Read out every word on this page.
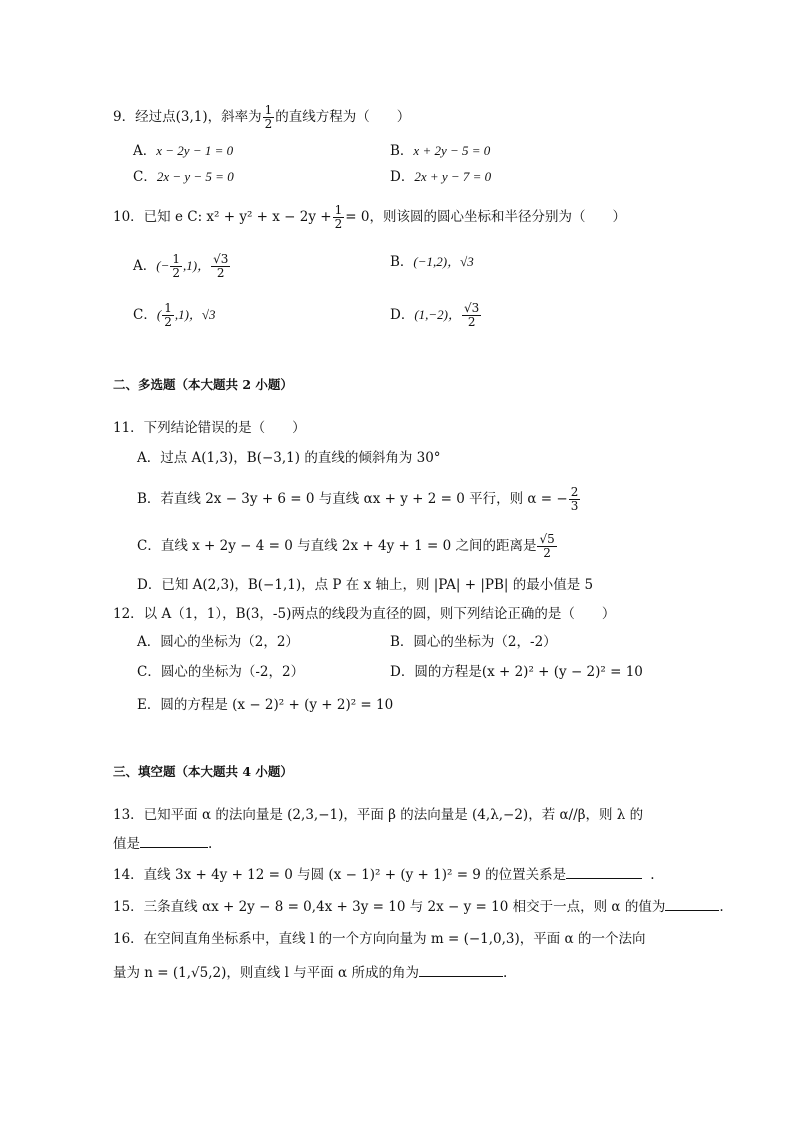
9．经过点(3,1)，斜率为 $\frac{1}{2}$ 的直线方程为（　　）
A．x − 2y − 1 = 0	B．x + 2y − 5 = 0
C．2x − y − 5 = 0	D．2x + y − 7 = 0
10．已知 e C: $x^2 + y^2 + x - 2y + \frac{1}{2} = 0$，则该圆的圆心坐标和半径分别为（　　）
A．(− $\frac{1}{2} ,1$)， $\frac{√3}{2}$	B．(−1,2)，√3
C．( $\frac{1}{2} ,1$)，√3	D．(1,−2)， $\frac{√3}{2}$
二、多选题（本大题共 2 小题）
11．下列结论错误的是（　　）
A．过点 A(1,3)，B(−3,1) 的直线的倾斜角为 30°
B．若直线 2x − 3y + 6 = 0 与直线 αx + y + 2 = 0 平行，则 α = − $\frac{2}{3}$
C．直线 x + 2y − 4 = 0 与直线 2x + 4y + 1 = 0 之间的距离是 $\frac{√5}{2}$
D．已知 A(2,3)，B(−1,1)，点 P 在 x 轴上，则 |PA| + |PB| 的最小值是 5
12．以 A（1，1），B(3，-5)两点的线段为直径的圆，则下列结论正确的是（　　）
A．圆心的坐标为（2，2）	B．圆心的坐标为（2，-2）
C．圆心的坐标为（-2，2）	D．圆的方程是(x + 2)² + (y − 2)² = 10
E．圆的方程是 (x − 2)² + (y + 2)² = 10
三、填空题（本大题共 4 小题）
13．已知平面 α 的法向量是 (2,3,−1)，平面 β 的法向量是 (4,λ,−2)，若 α//β，则 λ 的
值是	.
14．直线 3x + 4y + 12 = 0 与圆 (x − 1)² + (y + 1)² = 9 的位置关系是	.
15．三条直线 αx + 2y − 8 = 0,4x + 3y = 10 与 2x − y = 10 相交于一点，则 α 的值为	.
16．在空间直角坐标系中，直线 l 的一个方向向量为 m = (−1,0,3)，平面 α 的一个法向
量为 n = (1,√5,2)，则直线 l 与平面 α 所成的角为	.
